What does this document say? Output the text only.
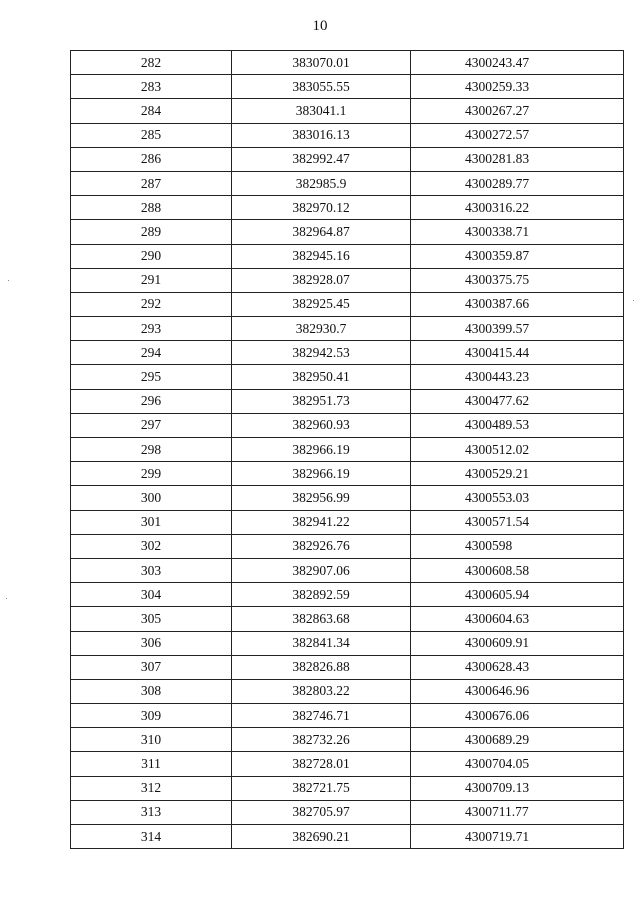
10
282	383070.01	4300243.47
283	383055.55	4300259.33
284	383041.1	4300267.27
285	383016.13	4300272.57
286	382992.47	4300281.83
287	382985.9	4300289.77
288	382970.12	4300316.22
289	382964.87	4300338.71
290	382945.16	4300359.87
291	382928.07	4300375.75
292	382925.45	4300387.66
293	382930.7	4300399.57
294	382942.53	4300415.44
295	382950.41	4300443.23
296	382951.73	4300477.62
297	382960.93	4300489.53
298	382966.19	4300512.02
299	382966.19	4300529.21
300	382956.99	4300553.03
301	382941.22	4300571.54
302	382926.76	4300598
303	382907.06	4300608.58
304	382892.59	4300605.94
305	382863.68	4300604.63
306	382841.34	4300609.91
307	382826.88	4300628.43
308	382803.22	4300646.96
309	382746.71	4300676.06
310	382732.26	4300689.29
311	382728.01	4300704.05
312	382721.75	4300709.13
313	382705.97	4300711.77
314	382690.21	4300719.71
